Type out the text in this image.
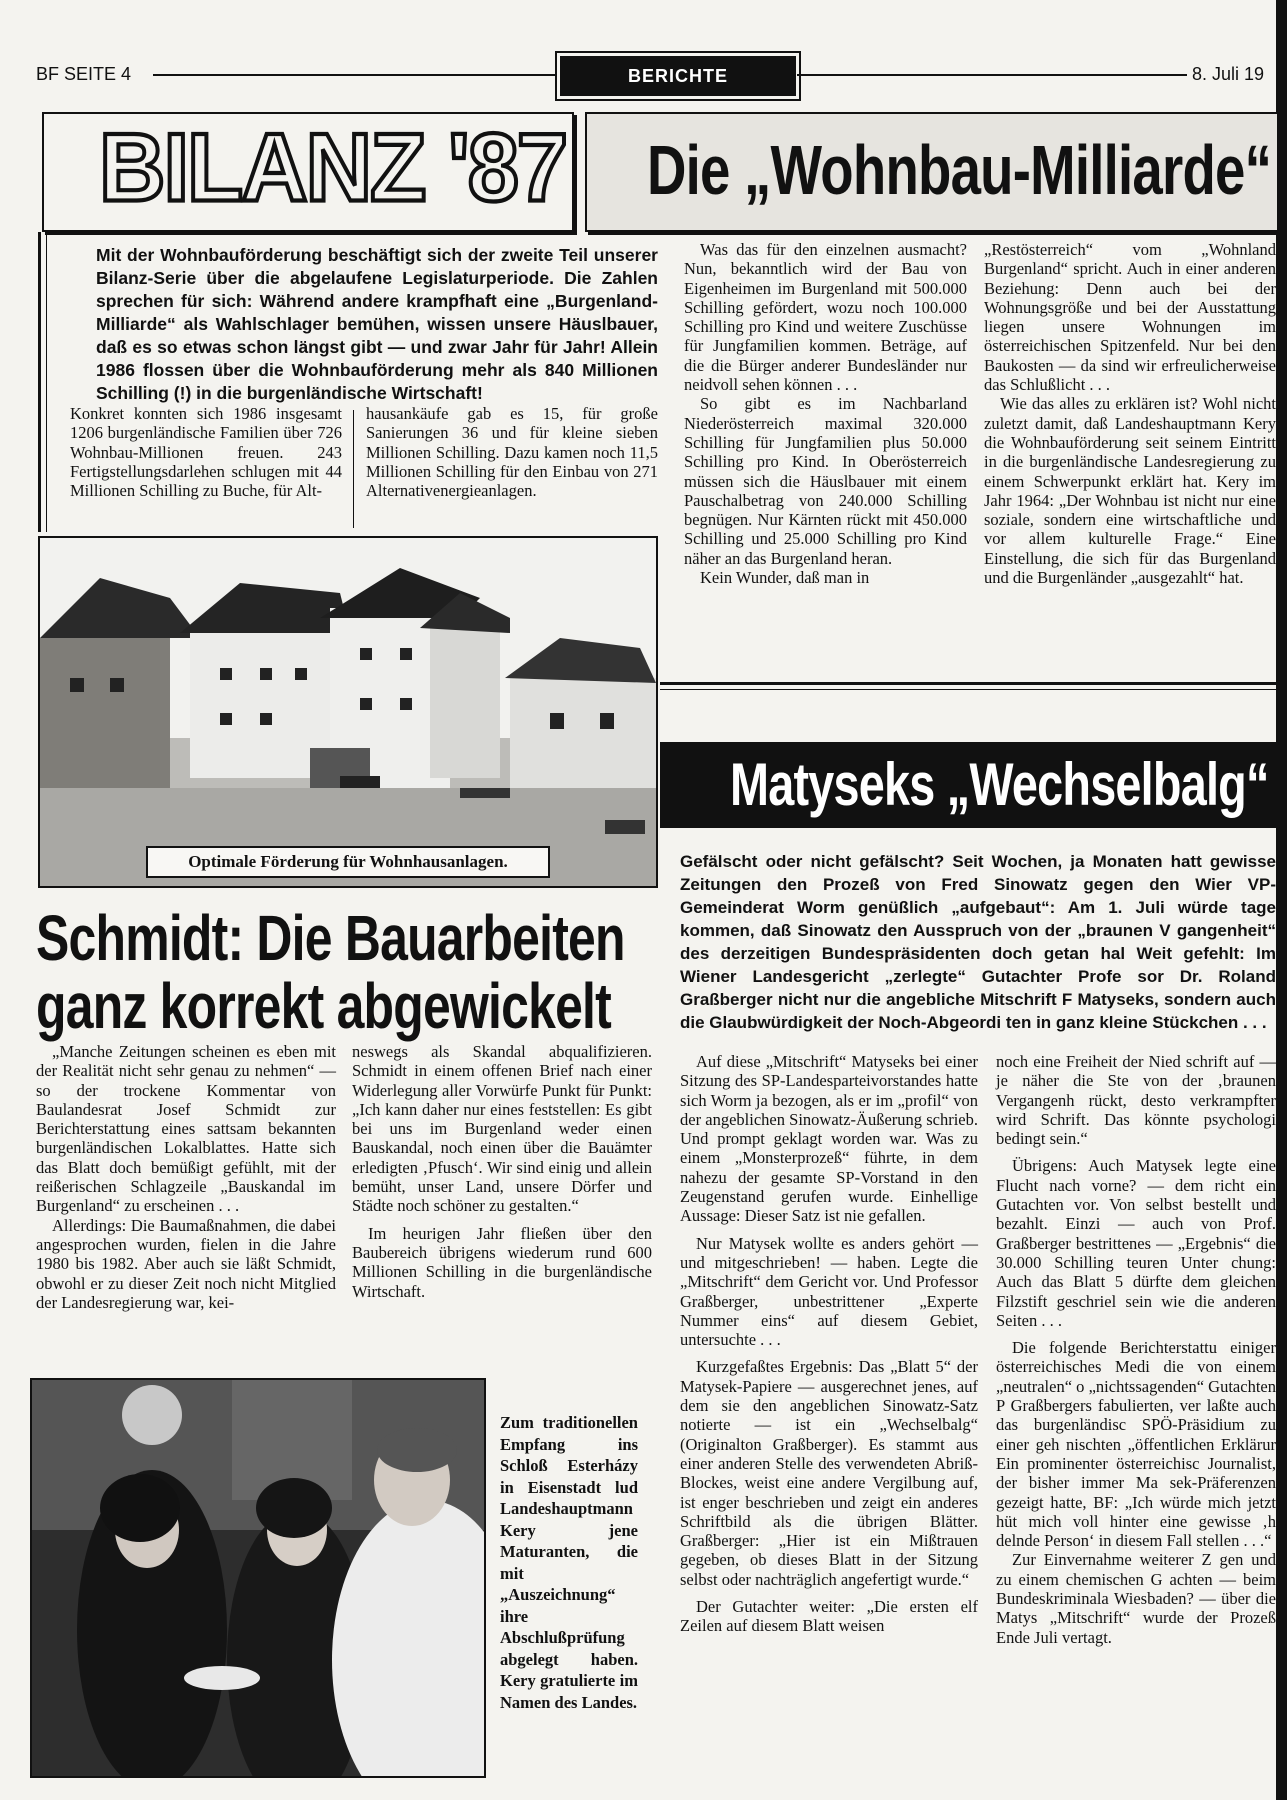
BF SEITE 4	BERICHTE	8. Juli 19
BILANZ '87 Die „Wohnbau-Milliarde“
Mit der Wohnbauförderung beschäftigt sich der zweite Teil unserer Bilanz-Serie über die abgelaufene Legislaturperiode. Die Zahlen sprechen für sich: Während andere krampfhaft eine „Burgenland-Milliarde“ als Wahlschlager bemühen, wissen unsere Häuslbauer, daß es so etwas schon längst gibt — und zwar Jahr für Jahr! Allein 1986 flossen über die Wohnbauförderung mehr als 840 Millionen Schilling (!) in die burgenländische Wirtschaft!

Konkret konnten sich 1986 insgesamt 1206 burgenländische Familien über 726 Wohnbau-Millionen freuen. 243 Fertigstellungsdarlehen schlugen mit 44 Millionen Schilling zu Buche, für Alt-

hausankäufe gab es 15, für große Sanierungen 36 und für kleine sieben Millionen Schilling. Dazu kamen noch 11,5 Millionen Schilling für den Einbau von 271 Alternativenergieanlagen.

Optimale Förderung für Wohnhausanlagen.
Schmidt: Die Bauarbeiten
ganz korrekt abgewickelt

„Manche Zeitungen scheinen es eben mit der Realität nicht sehr genau zu nehmen“ — so der trockene Kommentar von Baulandesrat Josef Schmidt zur Berichterstattung eines sattsam bekannten burgenländischen Lokalblattes. Hatte sich das Blatt doch bemüßigt gefühlt, mit der reißerischen Schlagzeile „Bauskandal im Burgenland“ zu erscheinen . . .

Allerdings: Die Baumaßnahmen, die dabei angesprochen wurden, fielen in die Jahre 1980 bis 1982. Aber auch sie läßt Schmidt, obwohl er zu dieser Zeit noch nicht Mitglied der Landesregierung war, kei-

neswegs als Skandal abqualifizieren. Schmidt in einem offenen Brief nach einer Widerlegung aller Vorwürfe Punkt für Punkt: „Ich kann daher nur eines feststellen: Es gibt bei uns im Burgenland weder einen Bauskandal, noch einen über die Bauämter erledigten ‚Pfusch‘. Wir sind einig und allein bemüht, unser Land, unsere Dörfer und Städte noch schöner zu gestalten.“

Im heurigen Jahr fließen über den Baubereich übrigens wiederum rund 600 Millionen Schilling in die burgenländische Wirtschaft.

Zum traditionellen Empfang ins Schloß Esterházy in Eisenstadt lud Landeshauptmann Kery jene Maturanten, die mit „Auszeichnung“ ihre Abschlußprüfung abgelegt haben. Kery gratulierte im Namen des Landes.

Was das für den einzelnen ausmacht? Nun, bekanntlich wird der Bau von Eigenheimen im Burgenland mit 500.000 Schilling gefördert, wozu noch 100.000 Schilling pro Kind und weitere Zuschüsse für Jungfamilien kommen. Beträge, auf die die Bürger anderer Bundesländer nur neidvoll sehen können . . .

So gibt es im Nachbarland Niederösterreich maximal 320.000 Schilling für Jungfamilien plus 50.000 Schilling pro Kind. In Oberösterreich müssen sich die Häuslbauer mit einem Pauschalbetrag von 240.000 Schilling begnügen. Nur Kärnten rückt mit 450.000 Schilling und 25.000 Schilling pro Kind näher an das Burgenland heran.

Kein Wunder, daß man in

„Restösterreich“ vom „Wohnland Burgenland“ spricht. Auch in einer anderen Beziehung: Denn auch bei der Wohnungsgröße und bei der Ausstattung liegen unsere Wohnungen im österreichischen Spitzenfeld. Nur bei den Baukosten — da sind wir erfreulicherweise das Schlußlicht . . .

Wie das alles zu erklären ist? Wohl nicht zuletzt damit, daß Landeshauptmann Kery die Wohnbauförderung seit seinem Eintritt in die burgenländische Landesregierung zu einem Schwerpunkt erklärt hat. Kery im Jahr 1964: „Der Wohnbau ist nicht nur eine soziale, sondern eine wirtschaftliche und vor allem kulturelle Frage.“ Eine Einstellung, die sich für das Burgenland und die Burgenländer „ausgezahlt“ hat.

Matyseks „Wechselbalg“
Gefälscht oder nicht gefälscht? Seit Wochen, ja Monaten hatt gewisse Zeitungen den Prozeß von Fred Sinowatz gegen den Wier VP-Gemeinderat Worm genüßlich „aufgebaut“: Am 1. Juli würde tage kommen, daß Sinowatz den Ausspruch von der „braunen V gangenheit“ des derzeitigen Bundespräsidenten doch getan hal Weit gefehlt: Im Wiener Landesgericht „zerlegte“ Gutachter Profe sor Dr. Roland Graßberger nicht nur die angebliche Mitschrift F Matyseks, sondern auch die Glaubwürdigkeit der Noch-Abgeordi ten in ganz kleine Stückchen . . .

Auf diese „Mitschrift“ Matyseks bei einer Sitzung des SP-Landesparteivorstandes hatte sich Worm ja bezogen, als er im „profil“ von der angeblichen Sinowatz-Äußerung schrieb. Und prompt geklagt worden war. Was zu einem „Monsterprozeß“ führte, in dem nahezu der gesamte SP-Vorstand in den Zeugenstand gerufen wurde. Einhellige Aussage: Dieser Satz ist nie gefallen.

Nur Matysek wollte es anders gehört — und mitgeschrieben! — haben. Legte die „Mitschrift“ dem Gericht vor. Und Professor Graßberger, unbestrittener „Experte Nummer eins“ auf diesem Gebiet, untersuchte . . .

Kurzgefaßtes Ergebnis: Das „Blatt 5“ der Matysek-Papiere — ausgerechnet jenes, auf dem sie den angeblichen Sinowatz-Satz notierte — ist ein „Wechselbalg“ (Originalton Graßberger). Es stammt aus einer anderen Stelle des verwendeten Abriß-Blockes, weist eine andere Vergilbung auf, ist enger beschrieben und zeigt ein anderes Schriftbild als die übrigen Blätter. Graßberger: „Hier ist ein Mißtrauen gegeben, ob dieses Blatt in der Sitzung selbst oder nachträglich angefertigt wurde.“

Der Gutachter weiter: „Die ersten elf Zeilen auf diesem Blatt weisen

noch eine Freiheit der Nied schrift auf — je näher die Ste von der ‚braunen Vergangenh rückt, desto verkrampfter wird Schrift. Das könnte psychologi bedingt sein.“

Übrigens: Auch Matysek legte eine Flucht nach vorne? — dem richt ein Gutachten vor. Von selbst bestellt und bezahlt. Einzi — auch von Prof. Graßberger bestrittenes — „Ergebnis“ die 30.000 Schilling teuren Unter chung: Auch das Blatt 5 dürfte dem gleichen Filzstift geschriel sein wie die anderen Seiten . . .

Die folgende Berichterstattu einiger österreichisches Medi die von einem „neutralen“ o „nichtssagenden“ Gutachten P Graßbergers fabulierten, ver laßte auch das burgenländisc SPÖ-Präsidium zu einer geh nischten „öffentlichen Erklärur Ein prominenter österreichisc Journalist, der bisher immer Ma sek-Präferenzen gezeigt hatte, BF: „Ich würde mich jetzt hüt mich voll hinter eine gewisse ‚h delnde Person‘ in diesem Fall stellen . . .“

Zur Einvernahme weiterer Z gen und zu einem chemischen G achten — beim Bundeskriminala Wiesbaden? — über die Matys „Mitschrift“ wurde der Prozeß Ende Juli vertagt.
